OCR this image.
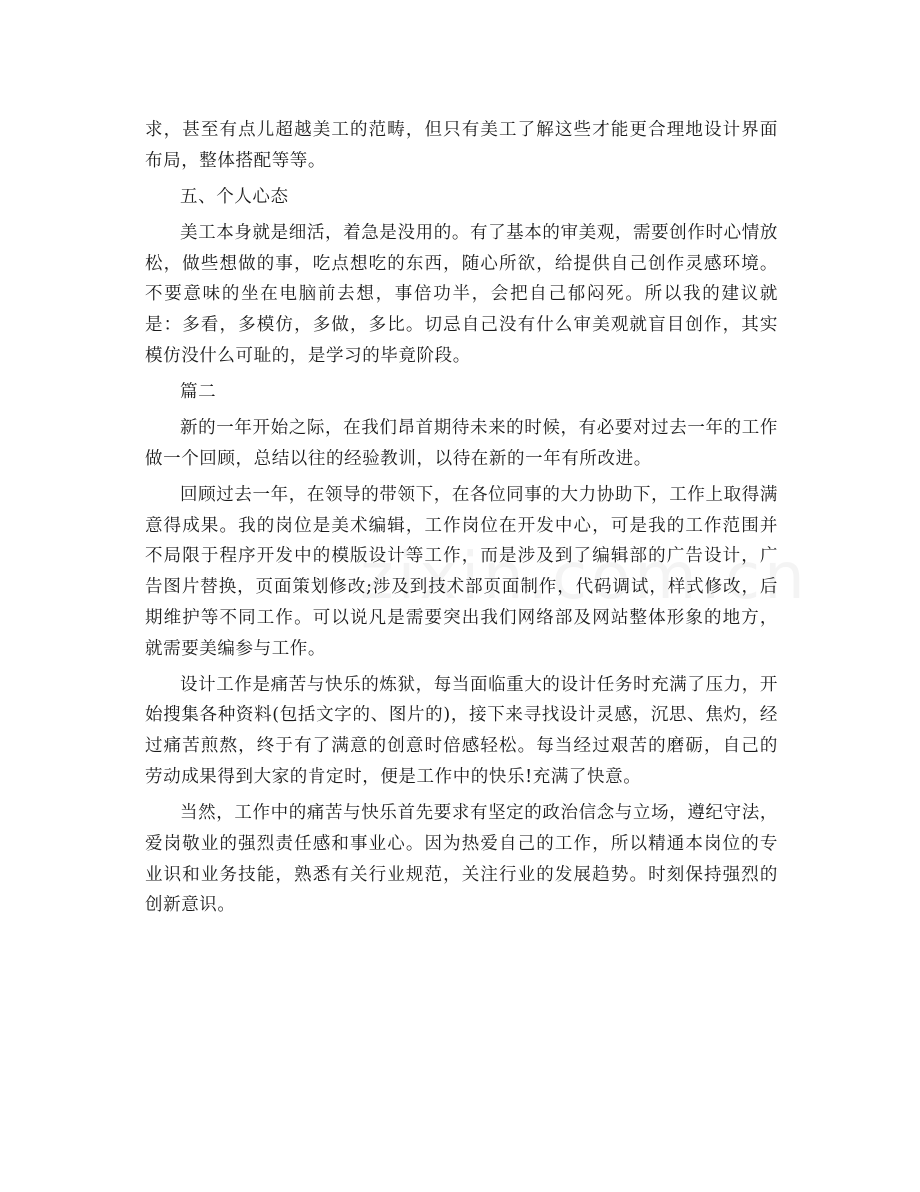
求，甚至有点儿超越美工的范畴，但只有美工了解这些才能更合理地设计界面布局，整体搭配等等。

五、个人心态

美工本身就是细活，着急是没用的。有了基本的审美观，需要创作时心情放松，做些想做的事，吃点想吃的东西，随心所欲，给提供自己创作灵感环境。不要意味的坐在电脑前去想，事倍功半，会把自己郁闷死。所以我的建议就是：多看，多模仿，多做，多比。切忌自己没有什么审美观就盲目创作，其实模仿没什么可耻的，是学习的毕竟阶段。

篇二

新的一年开始之际，在我们昂首期待未来的时候，有必要对过去一年的工作做一个回顾，总结以往的经验教训，以待在新的一年有所改进。

回顾过去一年，在领导的带领下，在各位同事的大力协助下，工作上取得满意得成果。我的岗位是美术编辑，工作岗位在开发中心，可是我的工作范围并不局限于程序开发中的模版设计等工作，而是涉及到了编辑部的广告设计，广告图片替换，页面策划修改;涉及到技术部页面制作，代码调试，样式修改，后期维护等不同工作。可以说凡是需要突出我们网络部及网站整体形象的地方，就需要美编参与工作。

设计工作是痛苦与快乐的炼狱，每当面临重大的设计任务时充满了压力，开始搜集各种资料(包括文字的、图片的)，接下来寻找设计灵感，沉思、焦灼，经过痛苦煎熬，终于有了满意的创意时倍感轻松。每当经过艰苦的磨砺，自己的劳动成果得到大家的肯定时，便是工作中的快乐!充满了快意。

当然，工作中的痛苦与快乐首先要求有坚定的政治信念与立场，遵纪守法，爱岗敬业的强烈责任感和事业心。因为热爱自己的工作，所以精通本岗位的专业识和业务技能，熟悉有关行业规范，关注行业的发展趋势。时刻保持强烈的创新意识。
